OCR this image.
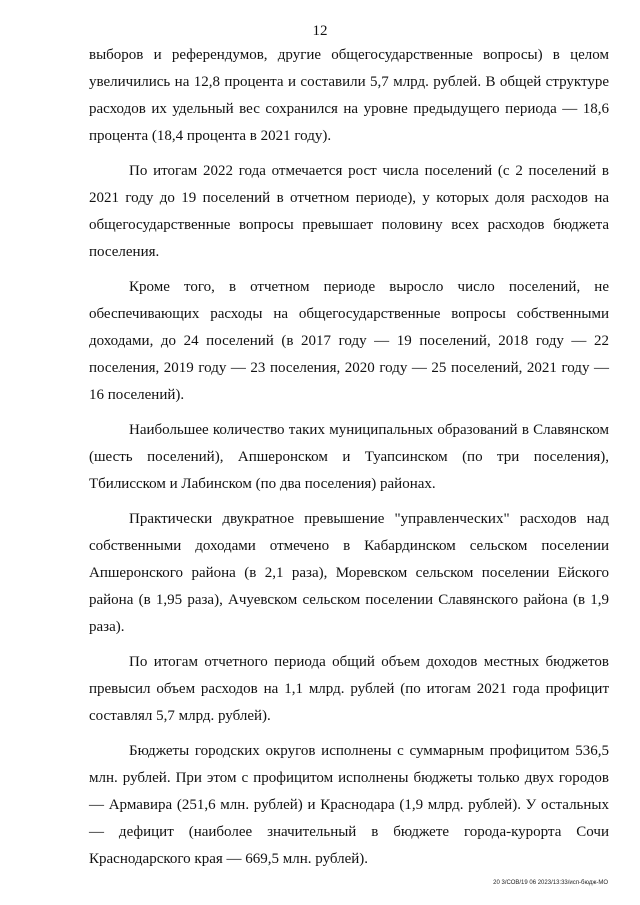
12

выборов и референдумов, другие общегосударственные вопросы) в целом увеличились на 12,8 процента и составили 5,7 млрд. рублей. В общей структуре расходов их удельный вес сохранился на уровне предыдущего периода — 18,6 процента (18,4 процента в 2021 году).

По итогам 2022 года отмечается рост числа поселений (с 2 поселений в 2021 году до 19 поселений в отчетном периоде), у которых доля расходов на общегосударственные вопросы превышает половину всех расходов бюджета поселения.

Кроме того, в отчетном периоде выросло число поселений, не обеспечивающих расходы на общегосударственные вопросы собственными доходами, до 24 поселений (в 2017 году — 19 поселений, 2018 году — 22 поселения, 2019 году — 23 поселения, 2020 году — 25 поселений, 2021 году — 16 поселений).

Наибольшее количество таких муниципальных образований в Славянском (шесть поселений), Апшеронском и Туапсинском (по три поселения), Тбилисском и Лабинском (по два поселения) районах.

Практически двукратное превышение "управленческих" расходов над собственными доходами отмечено в Кабардинском сельском поселении Апшеронского района (в 2,1 раза), Моревском сельском поселении Ейского района (в 1,95 раза), Ачуевском сельском поселении Славянского района (в 1,9 раза).

По итогам отчетного периода общий объем доходов местных бюджетов превысил объем расходов на 1,1 млрд. рублей (по итогам 2021 года профицит составлял 5,7 млрд. рублей).

Бюджеты городских округов исполнены с суммарным профицитом 536,5 млн. рублей. При этом с профицитом исполнены бюджеты только двух городов — Армавира (251,6 млн. рублей) и Краснодара (1,9 млрд. рублей). У остальных — дефицит (наиболее значительный в бюджете города-курорта Сочи Краснодарского края — 669,5 млн. рублей).

20 3/СОВ/19 06 2023/13:33/исп-бюдж-МО
